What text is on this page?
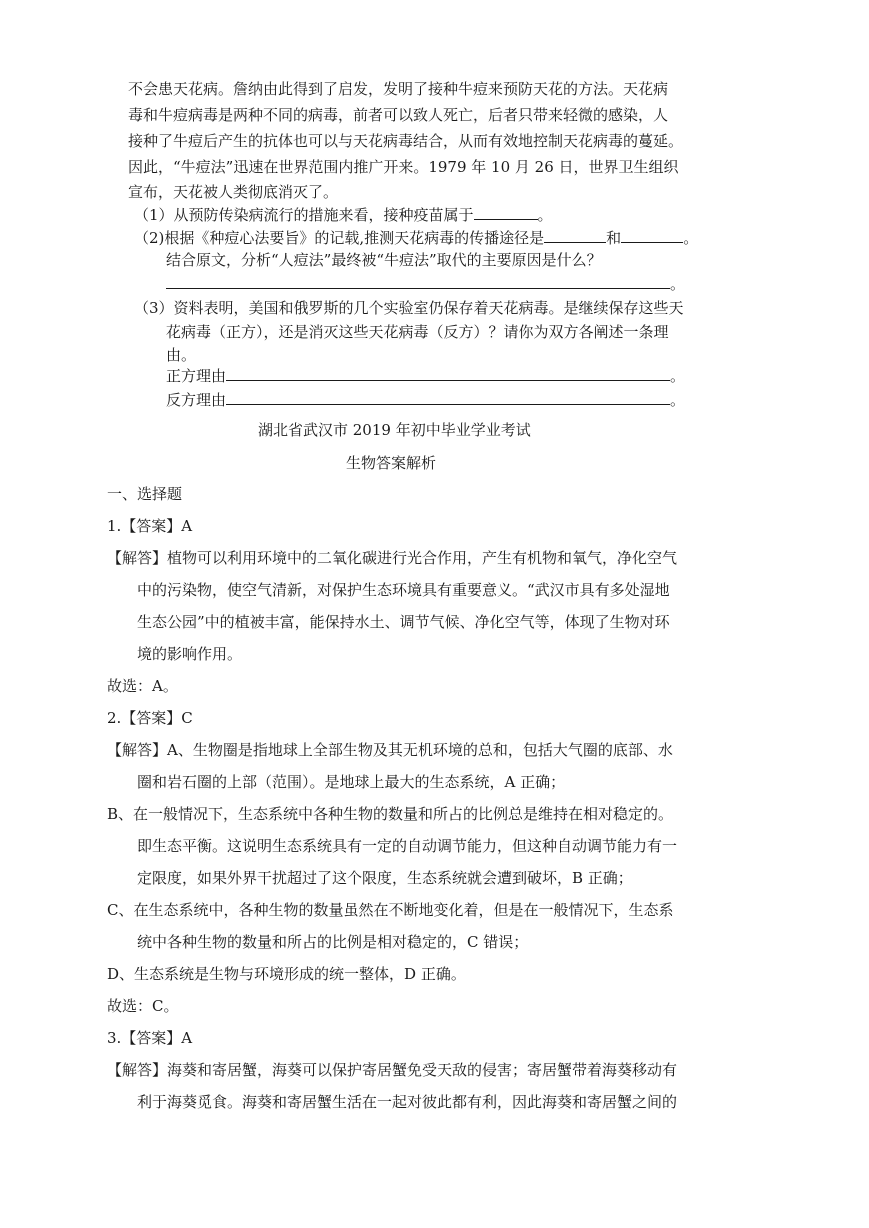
不会患天花病。詹纳由此得到了启发，发明了接种牛痘来预防天花的方法。天花病
毒和牛痘病毒是两种不同的病毒，前者可以致人死亡，后者只带来轻微的感染，人
接种了牛痘后产生的抗体也可以与天花病毒结合，从而有效地控制天花病毒的蔓延。
因此，“牛痘法”迅速在世界范围内推广开来。1979 年 10 月 26 日，世界卫生组织
宣布，天花被人类彻底消灭了。
（1）从预防传染病流行的措施来看，接种疫苗属于	。
（2)根据《种痘心法要旨》的记载,推测天花病毒的传播途径是	和	。
结合原文，分析“人痘法”最终被“牛痘法”取代的主要原因是什么？
。
（3）资料表明，美国和俄罗斯的几个实验室仍保存着天花病毒。是继续保存这些天
花病毒（正方），还是消灭这些天花病毒（反方）？请你为双方各阐述一条理
由。
正方理由	。
反方理由	。
湖北省武汉市 2019 年初中毕业学业考试
生物答案解析
一、选择题
1.【答案】A
【解答】植物可以利用环境中的二氧化碳进行光合作用，产生有机物和氧气，净化空气
中的污染物，使空气清新，对保护生态环境具有重要意义。“武汉市具有多处湿地
生态公园”中的植被丰富，能保持水土、调节气候、净化空气等，体现了生物对环
境的影响作用。
故选：A。
2.【答案】C
【解答】A、生物圈是指地球上全部生物及其无机环境的总和，包括大气圈的底部、水
圈和岩石圈的上部（范围）。是地球上最大的生态系统，A 正确；
B、在一般情况下，生态系统中各种生物的数量和所占的比例总是维持在相对稳定的。
即生态平衡。这说明生态系统具有一定的自动调节能力，但这种自动调节能力有一
定限度，如果外界干扰超过了这个限度，生态系统就会遭到破坏，B 正确；
C、在生态系统中，各种生物的数量虽然在不断地变化着，但是在一般情况下，生态系
统中各种生物的数量和所占的比例是相对稳定的，C 错误；
D、生态系统是生物与环境形成的统一整体，D 正确。
故选：C。
3.【答案】A
【解答】海葵和寄居蟹，海葵可以保护寄居蟹免受天敌的侵害；寄居蟹带着海葵移动有
利于海葵觅食。海葵和寄居蟹生活在一起对彼此都有利，因此海葵和寄居蟹之间的
